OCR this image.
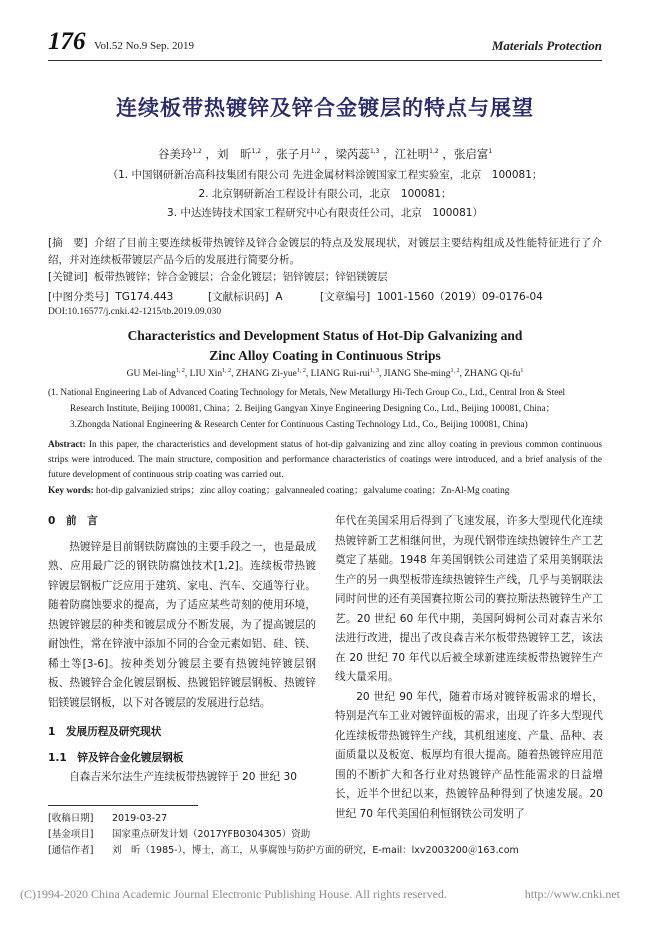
176 Vol.52 No.9 Sep. 2019	Materials Protection
连续板带热镀锌及锌合金镀层的特点与展望
谷美玲$^{1,2}$ ， 刘　昕$^{1,2}$ ， 张子月$^{1,2}$ ， 梁芮蕊$^{1,3}$ ， 江社明$^{1,2}$ ， 张启富$^1$
（1. 中国钢研新冶高科技集团有限公司 先进金属材料涂镀国家工程实验室，北京　100081；
2. 北京钢研新冶工程设计有限公司，北京　100081；
3. 中达连铸技术国家工程研究中心有限责任公司，北京　100081）
[摘　要] 介绍了目前主要连续板带热镀锌及锌合金镀层的特点及发展现状，对镀层主要结构组成及性能特征进行了介绍，并对连续板带镀层产品今后的发展进行简要分析。
[关键词] 板带热镀锌；锌合金镀层；合金化镀层；铝锌镀层；锌铝镁镀层
[中图分类号] TG174.443	[文献标识码] A	[文章编号] 1001-1560（2019）09-0176-04
DOI:10.16577/j.cnki.42-1215/tb.2019.09.030
Characteristics and Development Status of Hot-Dip Galvanizing and
Zinc Alloy Coating in Continuous Strips
GU Mei-ling$^{1, 2}$, LIU Xin$^{1, 2}$, ZHANG Zi-yue$^{1, 2}$, LIANG Rui-rui$^{1, 3}$, JIANG She-ming$^{1, 2}$, ZHANG $Qi-fu^1$
(1. National Engineering Lab of Advanced Coating Technology for Metals, New Metallurgy Hi-Tech Group Co., Ltd., Central Iron & Steel
Research Institute, Beijing 100081, China；2. Beijing Gangyan Xinye Engineering Designing Co., Ltd., Beijing 100081, China；
3.Zhongda National Engineering & Research Center for Continuous Casting Technology Ltd., Co., Beijing 100081, China)
Abstract: In this paper, the characteristics and development status of hot-dip galvanizing and zinc alloy coating in previous common continuous strips were introduced. The main structure, composition and performance characteristics of coatings were introduced, and a brief analysis of the future development of continuous strip coating was carried out.
Key words: hot-dip galvanizied strips；zinc alloy coating；galvannealed coating；galvalume coating；Zn-Al-Mg coating

0　前　言

热镀锌是目前钢铁防腐蚀的主要手段之一，也是最成熟、应用最广泛的钢铁防腐蚀技术[1,2]。连续板带热镀锌镀层钢板广泛应用于建筑、家电、汽车、交通等行业。随着防腐蚀要求的提高，为了适应某些苛刻的使用环境，热镀锌镀层的种类和镀层成分不断发展，为了提高镀层的耐蚀性，常在锌液中添加不同的合金元素如铝、硅、镁、稀土等[3-6]。按种类划分镀层主要有热镀纯锌镀层钢板、热镀锌合金化镀层钢板、热镀铝锌镀层钢板、热镀锌铝镁镀层钢板，以下对各镀层的发展进行总结。

1　发展历程及研究现状

1.1　锌及锌合金化镀层钢板

自森吉米尔法生产连续板带热镀锌于 20 世纪 30

年代在美国采用后得到了飞速发展，许多大型现代化连续热镀锌新工艺相继问世，为现代钢带连续热镀锌生产工艺奠定了基础。1948 年美国钢铁公司建造了采用美钢联法生产的另一典型板带连续热镀锌生产线，几乎与美钢联法同时问世的还有美国赛拉斯公司的赛拉斯法热镀锌生产工艺。20 世纪 60 年代中期，美国阿姆柯公司对森吉米尔法进行改进，提出了改良森吉米尔板带热镀锌工艺，该法在 20 世纪 70 年代以后被全球新建连续板带热镀锌生产线大量采用。

20 世纪 90 年代，随着市场对镀锌板需求的增长，特别是汽车工业对镀锌面板的需求，出现了许多大型现代化连续板带热镀锌生产线，其机组速度、产量、品种、表面质量以及板宽、板厚均有很大提高。随着热镀锌应用范围的不断扩大和各行业对热镀锌产品性能需求的日益增长，近半个世纪以来，热镀锌品种得到了快速发展。20 世纪 70 年代美国伯利恒钢铁公司发明了

[收稿日期] 2019-03-27
[基金项目] 国家重点研发计划（2017YFB0304305）资助
[通信作者] 刘　昕（1985-），博士，高工，从事腐蚀与防护方面的研究，E-mail：lxv2003200＠163.com
(C)1994-2020 China Academic Journal Electronic Publishing House. All rights reserved.	http://www.cnki.net
